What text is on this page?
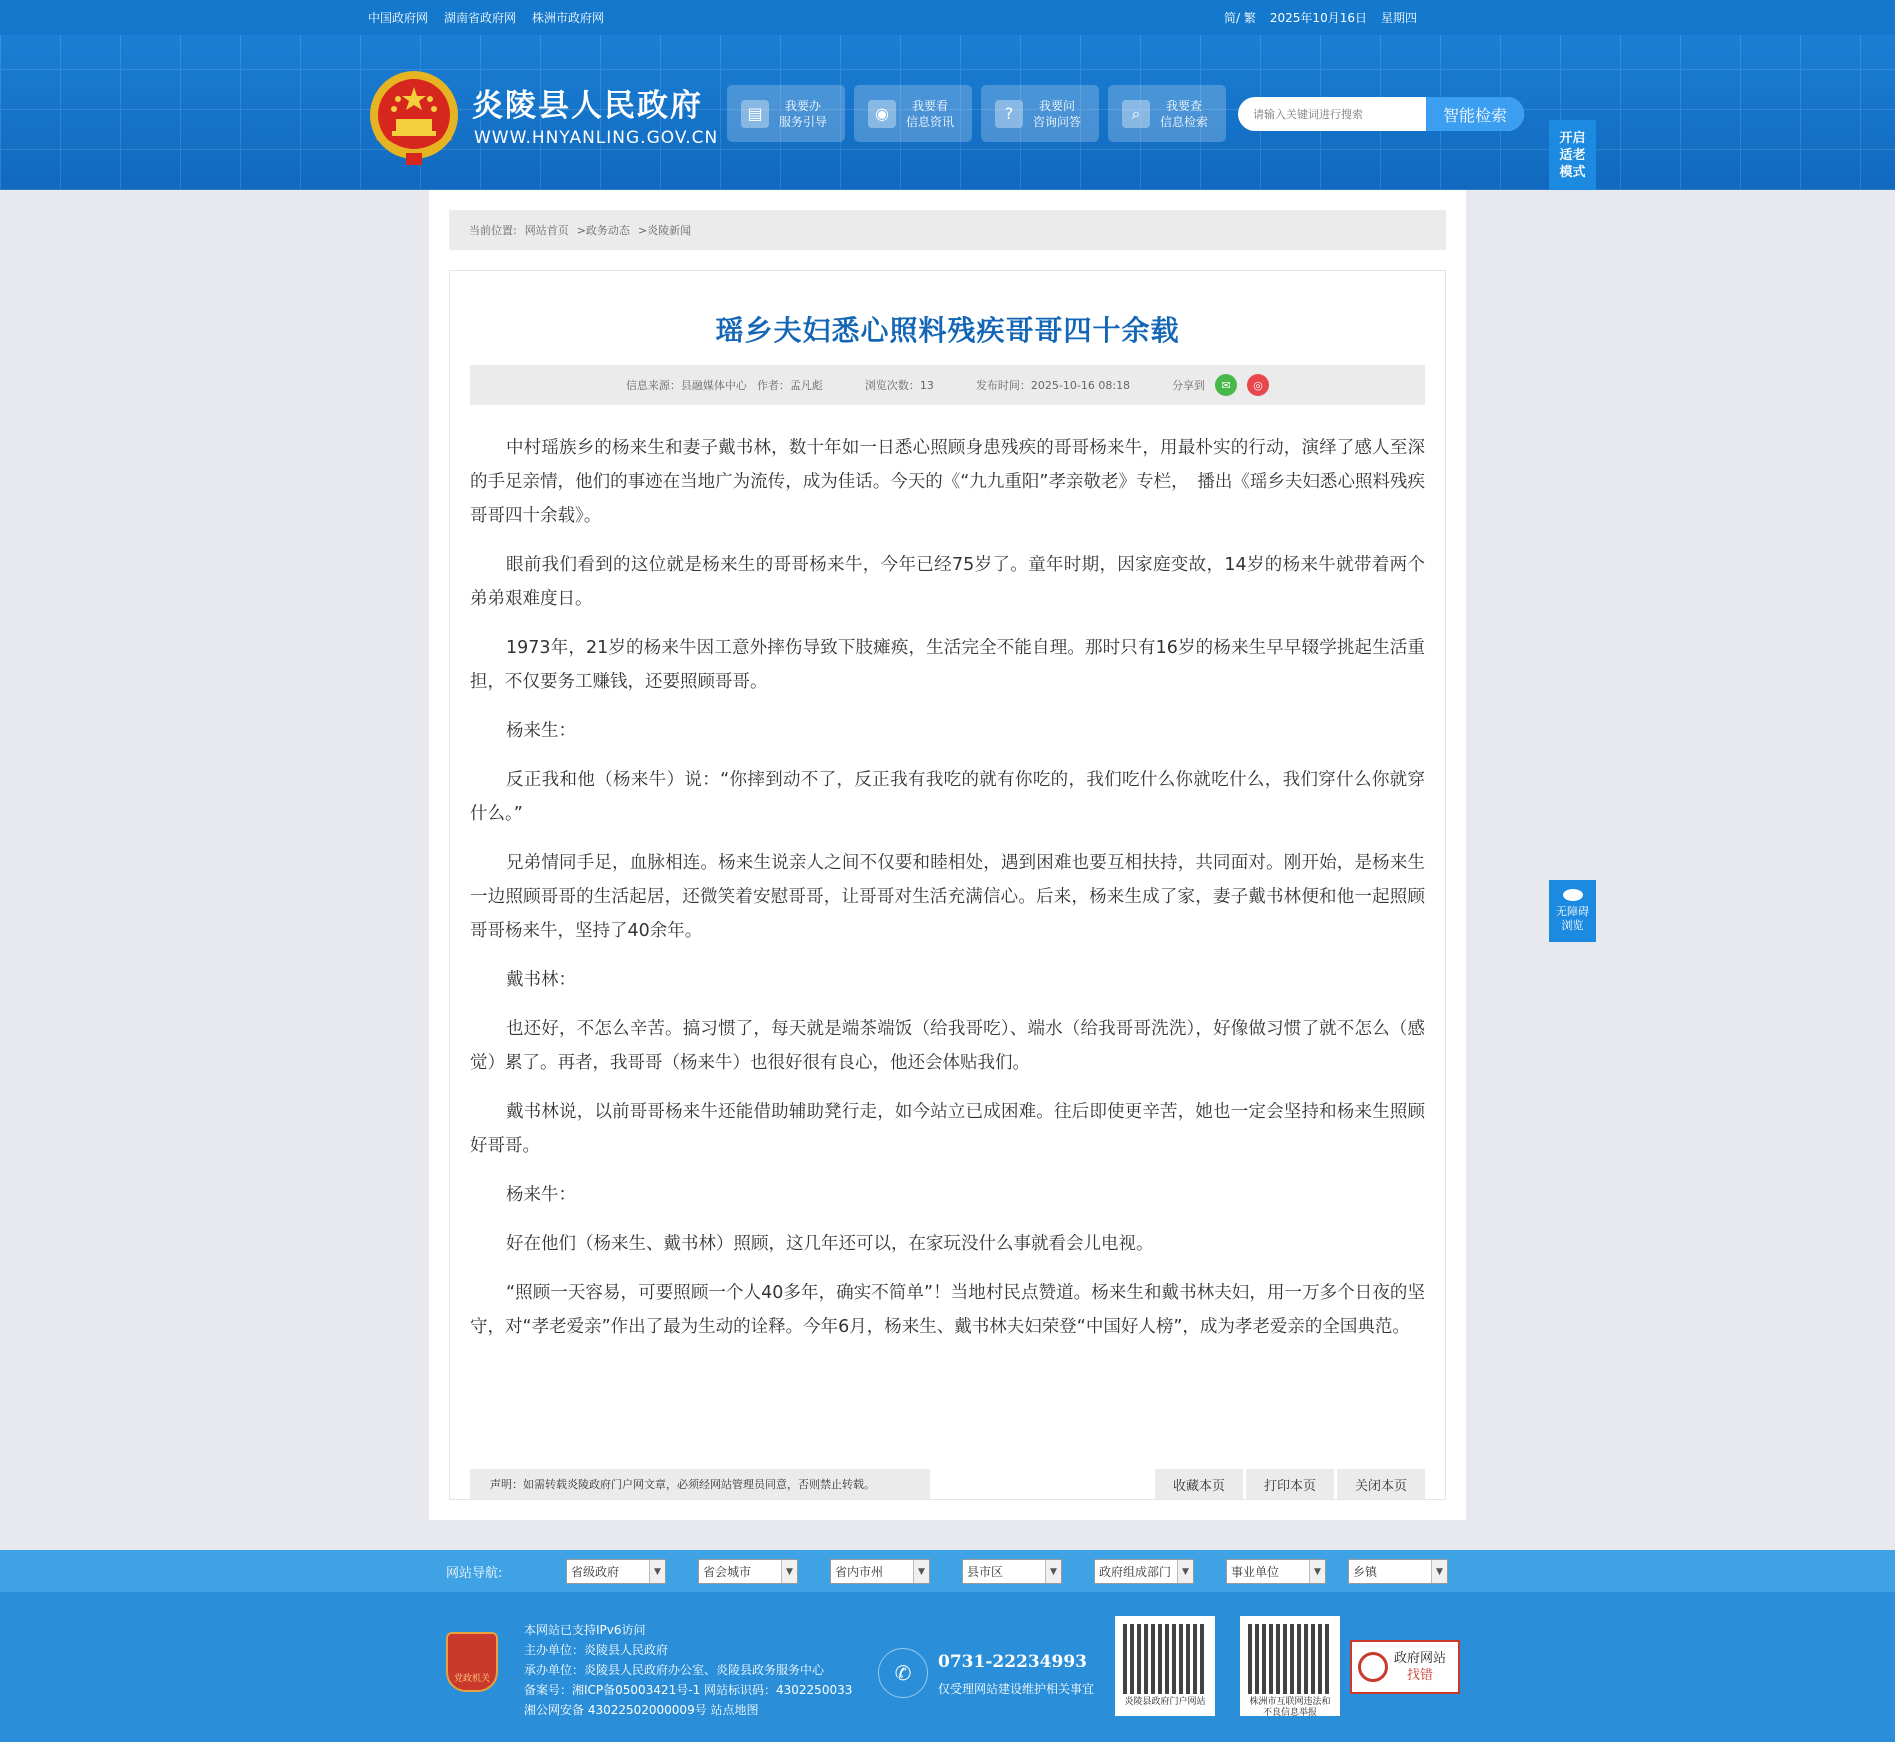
中国政府网 湖南省政府网 株洲市政府网	简/ 繁 2025年10月16日 星期四
炎陵县人民政府
WWW.HNYANLING.GOV.CN
▤	我要办
服务引导	◉	我要看
信息资讯	?	我要问
咨询问答	⌕	我要查
信息检索
请输入关键词进行搜索	智能检索
开启
适老
模式
当前位置: 网站首页 >政务动态 >炎陵新闻
瑶乡夫妇悉心照料残疾哥哥四十余载
信息来源：县融媒体中心 作者：孟凡彪	浏览次数：13	发布时间：2025-10-16 08:18	分享到	✉	◎

中村瑶族乡的杨来生和妻子戴书林，数十年如一日悉心照顾身患残疾的哥哥杨来牛，用最朴实的行动，演绎了感人至深的手足亲情，他们的事迹在当地广为流传，成为佳话。今天的《“九九重阳”孝亲敬老》专栏，　播出《瑶乡夫妇悉心照料残疾哥哥四十余载》。

眼前我们看到的这位就是杨来生的哥哥杨来牛，今年已经75岁了。童年时期，因家庭变故，14岁的杨来牛就带着两个弟弟艰难度日。

1973年，21岁的杨来牛因工意外摔伤导致下肢瘫痪，生活完全不能自理。那时只有16岁的杨来生早早辍学挑起生活重担，不仅要务工赚钱，还要照顾哥哥。

杨来生：

反正我和他（杨来牛）说：“你摔到动不了，反正我有我吃的就有你吃的，我们吃什么你就吃什么，我们穿什么你就穿什么。”

兄弟情同手足，血脉相连。杨来生说亲人之间不仅要和睦相处，遇到困难也要互相扶持，共同面对。刚开始，是杨来生一边照顾哥哥的生活起居，还微笑着安慰哥哥，让哥哥对生活充满信心。后来，杨来生成了家，妻子戴书林便和他一起照顾哥哥杨来牛，坚持了40余年。

戴书林：

也还好，不怎么辛苦。搞习惯了，每天就是端茶端饭（给我哥吃）、端水（给我哥哥洗洗），好像做习惯了就不怎么（感觉）累了。再者，我哥哥（杨来牛）也很好很有良心，他还会体贴我们。

戴书林说，以前哥哥杨来牛还能借助辅助凳行走，如今站立已成困难。往后即使更辛苦，她也一定会坚持和杨来生照顾好哥哥。

杨来牛：

好在他们（杨来生、戴书林）照顾，这几年还可以，在家玩没什么事就看会儿电视。

“照顾一天容易，可要照顾一个人40多年，确实不简单”！当地村民点赞道。杨来生和戴书林夫妇，用一万多个日夜的坚守，对“孝老爱亲”作出了最为生动的诠释。今年6月，杨来生、戴书林夫妇荣登“中国好人榜”，成为孝老爱亲的全国典范。

声明：如需转载炎陵政府门户网文章，必须经网站管理员同意，否则禁止转载。	收藏本页	打印本页	关闭本页
无障碍
浏览
网站导航:	省级政府	▼	省会城市	▼	省内市州	▼	县市区	▼	政府组成部门	▼	事业单位	▼	乡镇	▼
党政机关
本网站已支持IPv6访问
主办单位：炎陵县人民政府
承办单位：炎陵县人民政府办公室、炎陵县政务服务中心
备案号：湘ICP备05003421号-1 网站标识码：4302250033
湘公网安备 43022502000009号 站点地图
✆	0731-22234993
仅受理网站建设维护相关事宜
炎陵县政府门户网站	株洲市互联网违法和不良信息举报
政府网站
找错
